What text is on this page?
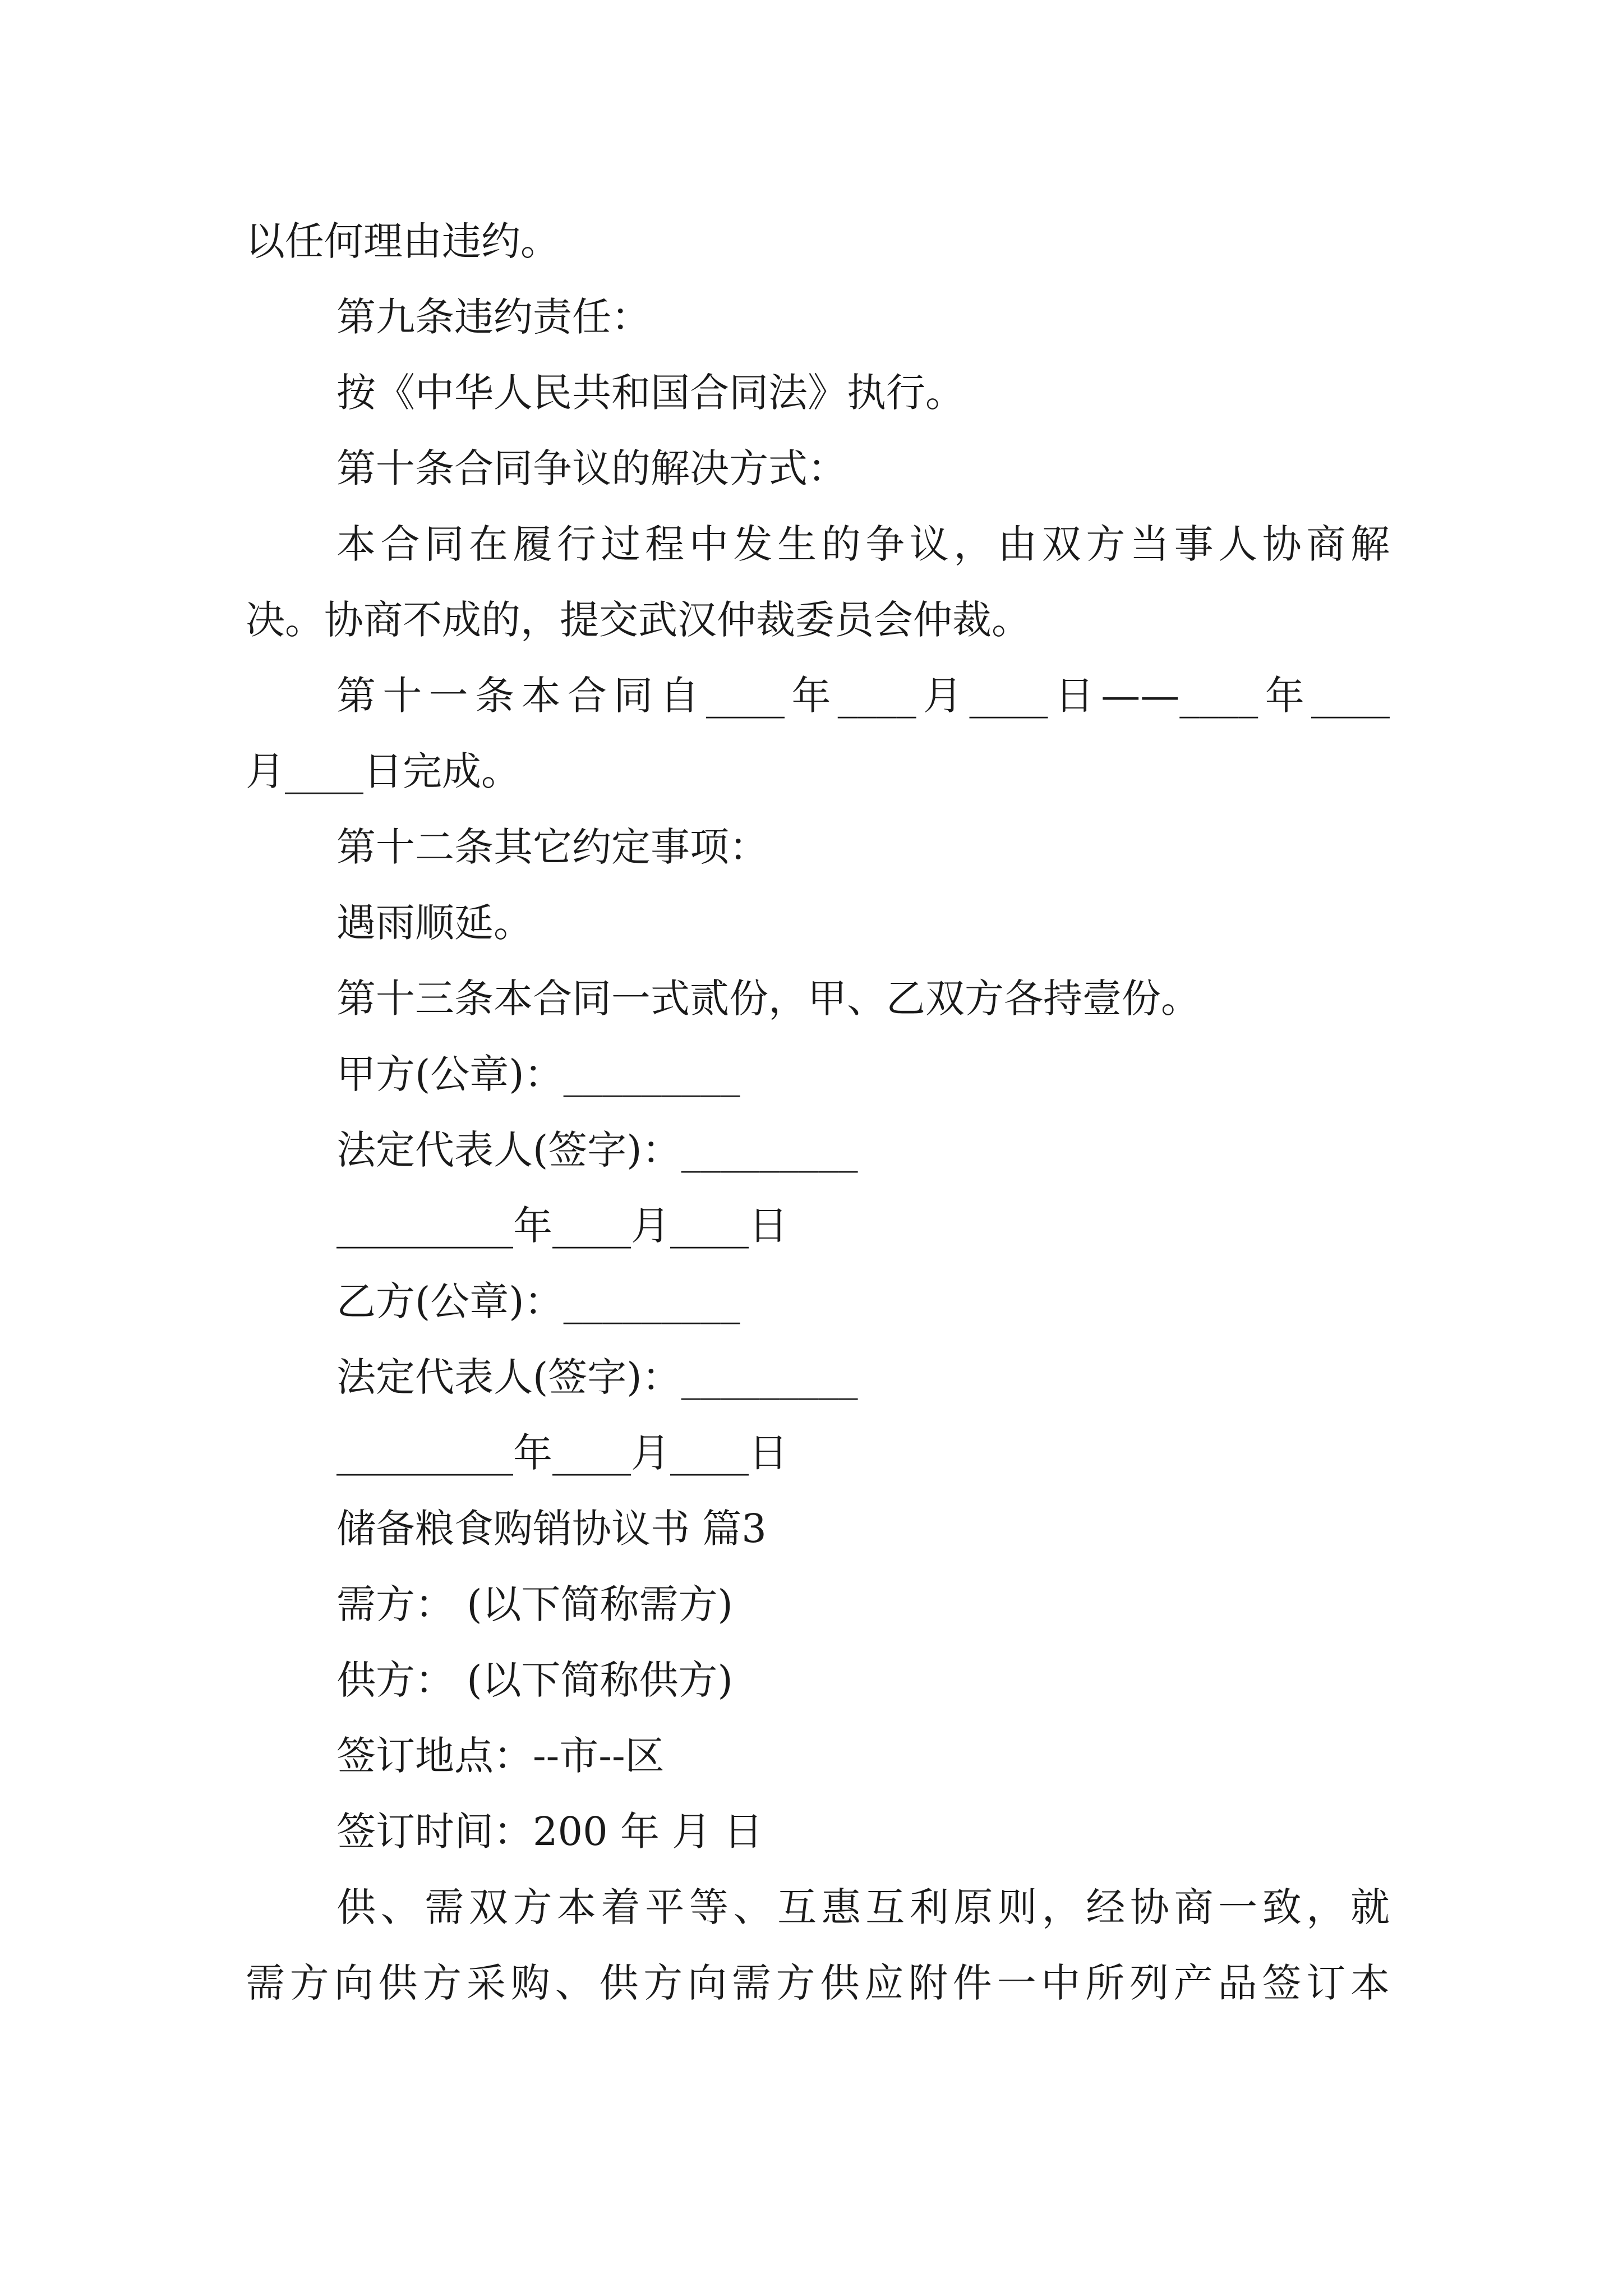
以任何理由违约。

第九条违约责任：

按《中华人民共和国合同法》执行。

第十条合同争议的解决方式：

本合同在履行过程中发生的争议，由双方当事人协商解

决。协商不成的，提交武汉仲裁委员会仲裁。

第十一条本合同自____年____月____日——____年____

月____日完成。

第十二条其它约定事项：

遇雨顺延。

第十三条本合同一式贰份，甲、乙双方各持壹份。

甲方(公章)：_________

法定代表人(签字)：_________

_________年____月____日

乙方(公章)：_________

法定代表人(签字)：_________

_________年____月____日

储备粮食购销协议书 篇3

需方： (以下简称需方)

供方： (以下简称供方)

签订地点：--市--区

签订时间：200 年 月 日

供、需双方本着平等、互惠互利原则，经协商一致，就

需方向供方采购、供方向需方供应附件一中所列产品签订本
